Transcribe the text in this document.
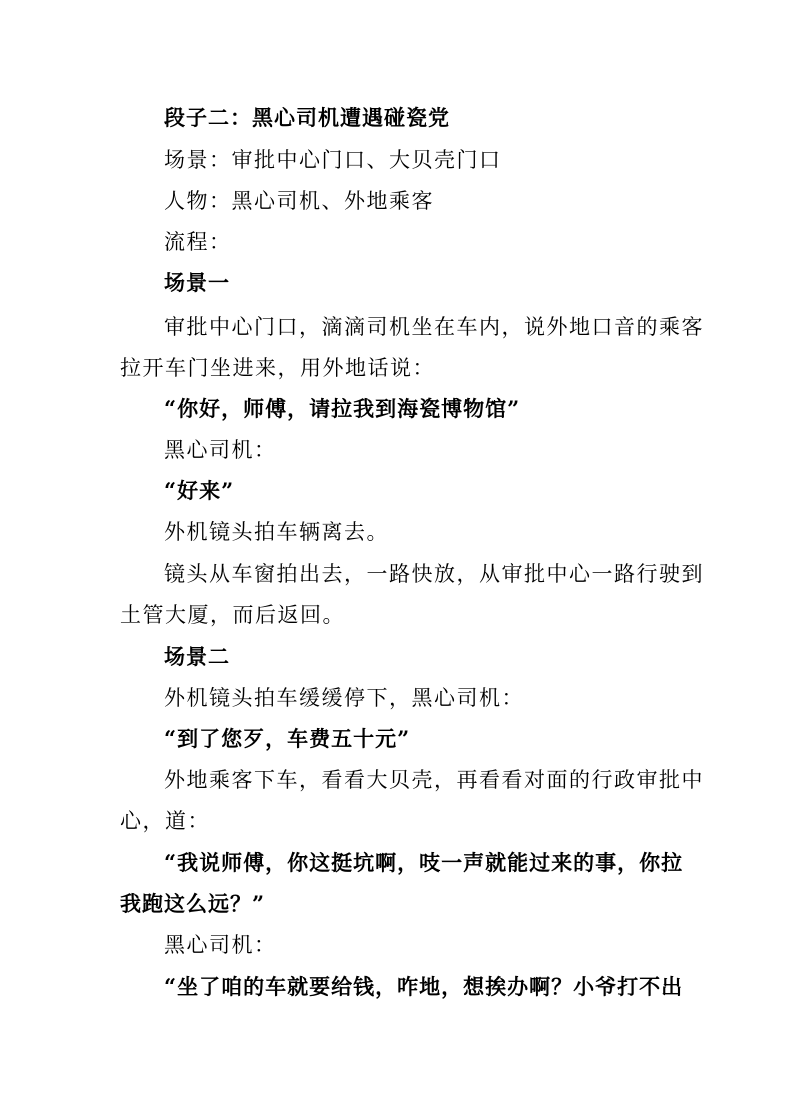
段子二：黑心司机遭遇碰瓷党
场景：审批中心门口、大贝壳门口
人物：黑心司机、外地乘客
流程：
场景一
审批中心门口，滴滴司机坐在车内，说外地口音的乘客
拉开车门坐进来，用外地话说：
“你好，师傅，请拉我到海瓷博物馆”
黑心司机：
“好来”
外机镜头拍车辆离去。
镜头从车窗拍出去，一路快放，从审批中心一路行驶到
土管大厦，而后返回。
场景二
外机镜头拍车缓缓停下，黑心司机：
“到了您歹，车费五十元”
外地乘客下车，看看大贝壳，再看看对面的行政审批中
心，道：
“我说师傅，你这挺坑啊，吱一声就能过来的事，你拉
我跑这么远？”
黑心司机：
“坐了咱的车就要给钱，咋地，想挨办啊？小爷打不出
